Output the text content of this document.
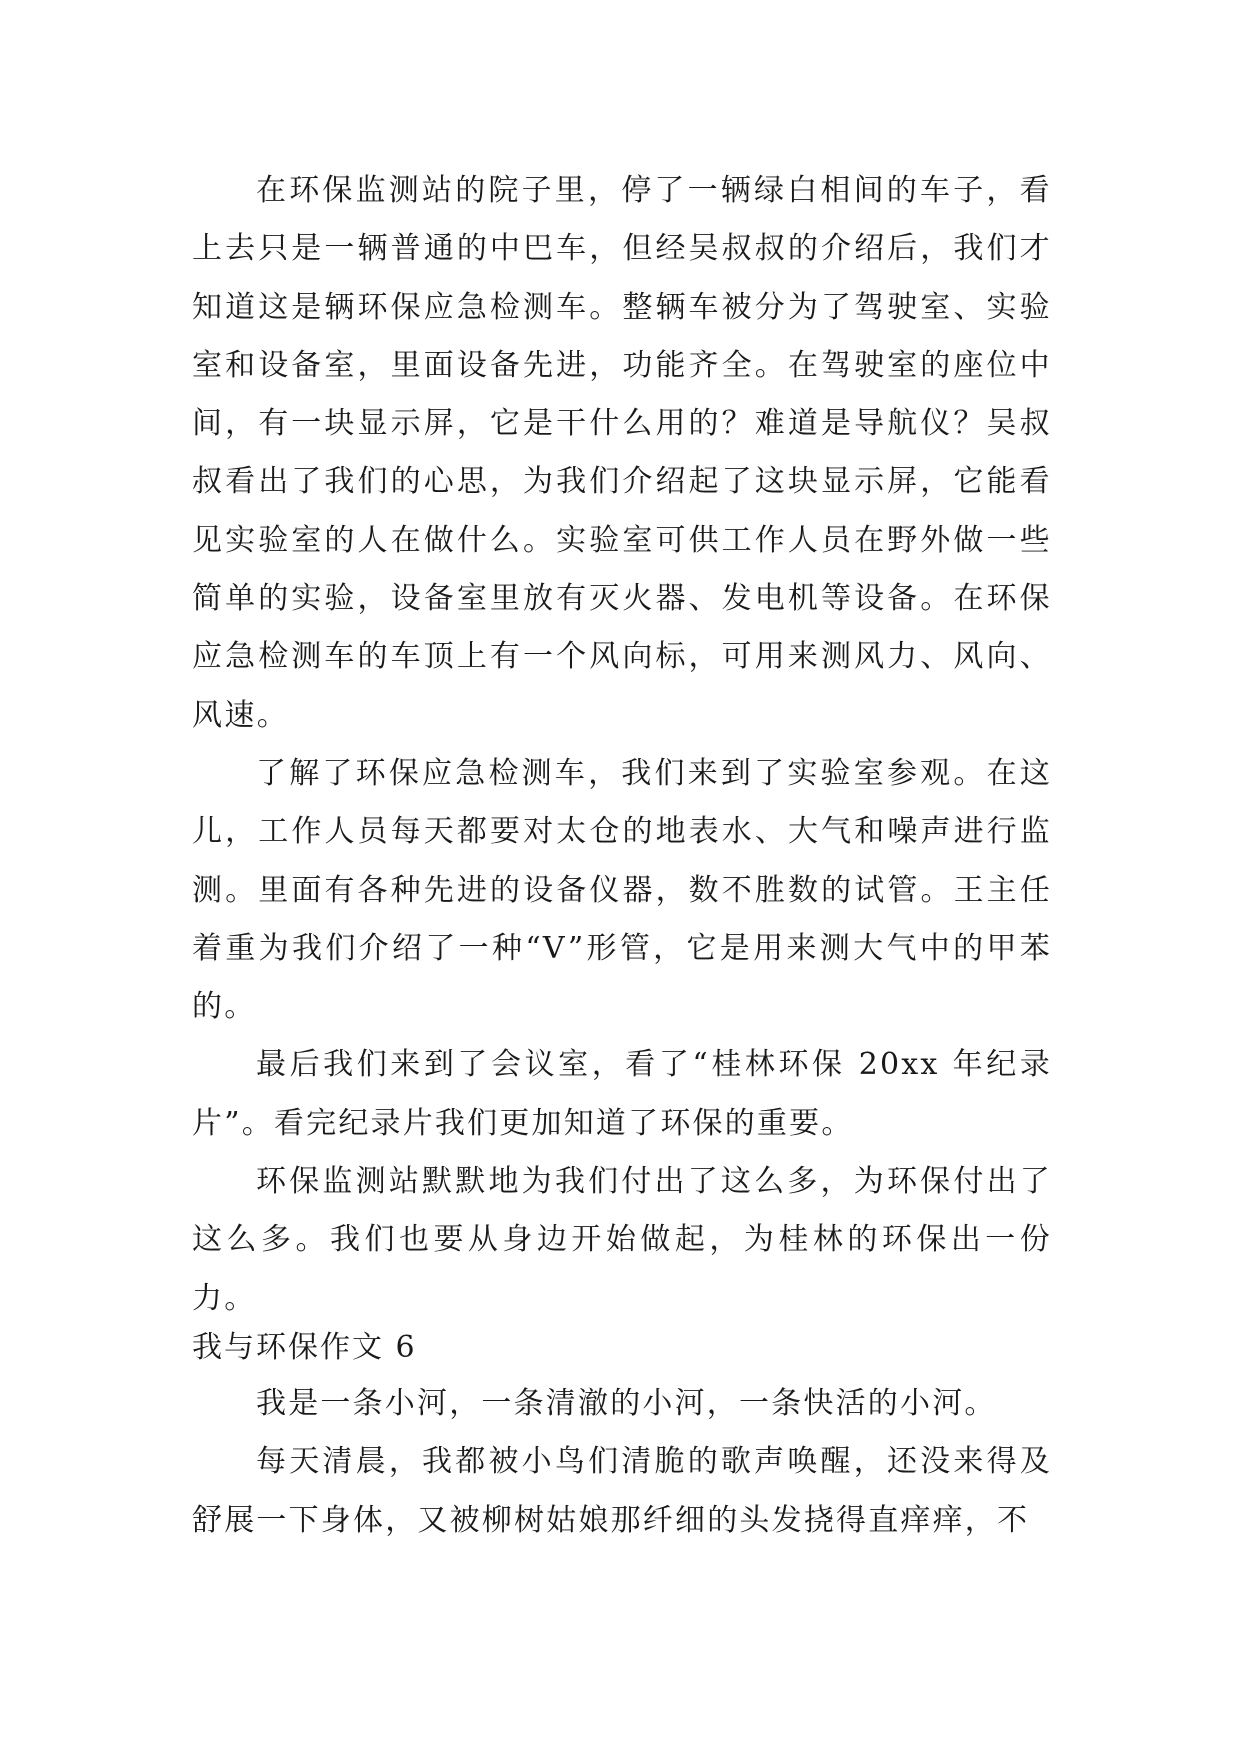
在环保监测站的院子里，停了一辆绿白相间的车子，看上去只是一辆普通的中巴车，但经吴叔叔的介绍后，我们才知道这是辆环保应急检测车。整辆车被分为了驾驶室、实验室和设备室，里面设备先进，功能齐全。在驾驶室的座位中间，有一块显示屏，它是干什么用的？难道是导航仪？吴叔叔看出了我们的心思，为我们介绍起了这块显示屏，它能看见实验室的人在做什么。实验室可供工作人员在野外做一些简单的实验，设备室里放有灭火器、发电机等设备。在环保应急检测车的车顶上有一个风向标，可用来测风力、风向、风速。

了解了环保应急检测车，我们来到了实验室参观。在这儿，工作人员每天都要对太仓的地表水、大气和噪声进行监测。里面有各种先进的设备仪器，数不胜数的试管。王主任着重为我们介绍了一种“V”形管，它是用来测大气中的甲苯的。

最后我们来到了会议室，看了“桂林环保 20xx 年纪录片”。看完纪录片我们更加知道了环保的重要。

环保监测站默默地为我们付出了这么多，为环保付出了这么多。我们也要从身边开始做起，为桂林的环保出一份力。

我与环保作文 6

我是一条小河，一条清澈的小河，一条快活的小河。

每天清晨，我都被小鸟们清脆的歌声唤醒，还没来得及舒展一下身体，又被柳树姑娘那纤细的头发挠得直痒痒，不
